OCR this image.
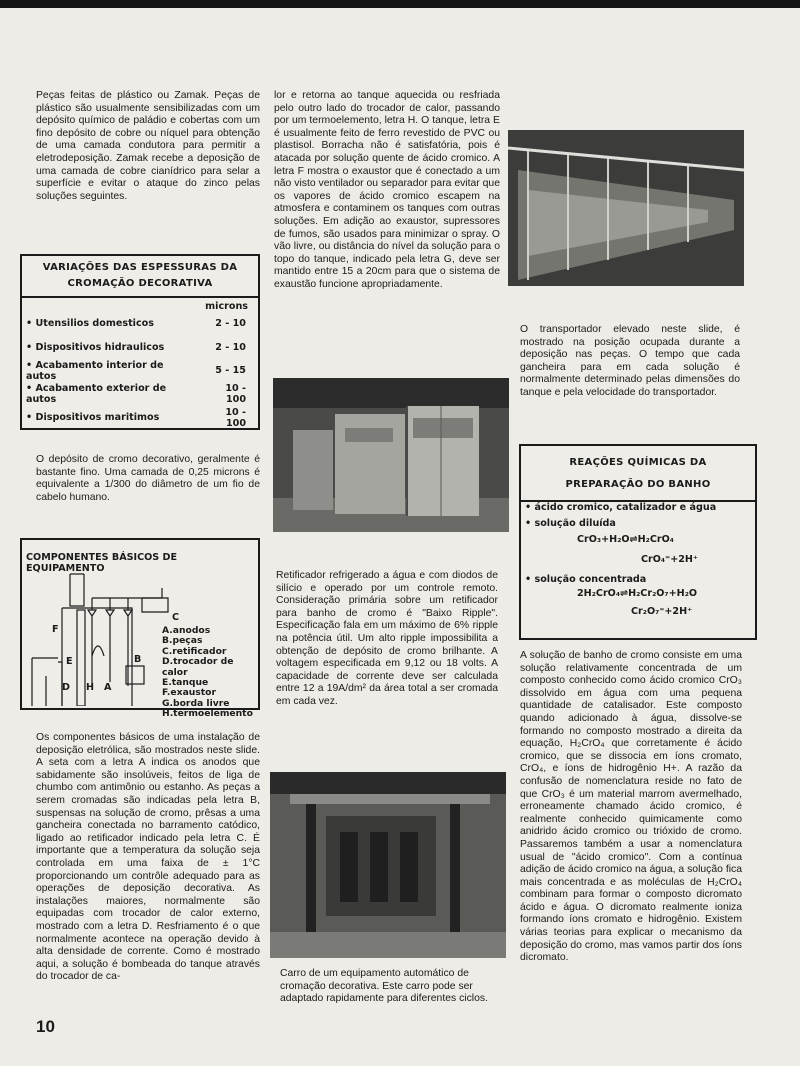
Peças feitas de plástico ou Zamak. Peças de plástico são usualmente sensibilizadas com um depósito químico de paládio e cobertas com um fino depósito de cobre ou níquel para obtenção de uma camada condutora para permitir a eletrodeposição. Zamak recebe a deposição de uma camada de cobre cianídrico para selar a superfície e evitar o ataque do zinco pelas soluções seguintes.

VARIAÇÕES DAS ESPESSURAS DA
CROMAÇÃO DECORATIVA
microns
• Utensilios domesticos	2 - 10
• Dispositivos hidraulicos	2 - 10
• Acabamento interior de autos	5 - 15
• Acabamento exterior de autos	10 - 100
• Dispositivos maritimos	10 - 100

O depósito de cromo decorativo, geralmente é bastante fino. Uma camada de 0,25 microns é equivalente a 1/300 do diâmetro de um fio de cabelo humano.

COMPONENTES BÁSICOS DE EQUIPAMENTO
F
E
D H A
B
C
A.anodos
B.peças
C.retificador
D.trocador de calor
E.tanque
F.exaustor
G.borda livre
H.termoelemento

Os componentes básicos de uma instalação de deposição eletrólica, são mostrados neste slide. A seta com a letra A indica os anodos que sabidamente são insolúveis, feitos de liga de chumbo com antimônio ou estanho. As peças a serem cromadas são indicadas pela letra B, suspensas na solução de cromo, prêsas a uma gancheira conectada no barramento catódico, ligado ao retificador indicado pela letra C. É importante que a temperatura da solução seja controlada em uma faixa de ± 1°C proporcionando um contrôle adequado para as operações de deposição decorativa. As instalações maiores, normalmente são equipadas com trocador de calor externo, mostrado com a letra D. Resfriamento é o que normalmente acontece na operação devido à alta densidade de corrente. Como é mostrado aqui, a solução é bombeada do tanque através do trocador de ca-

10

lor e retorna ao tanque aquecida ou resfriada pelo outro lado do trocador de calor, passando por um termoelemento, letra H. O tanque, letra E é usualmente feito de ferro revestido de PVC ou plastisol. Borracha não é satisfatória, pois é atacada por solução quente de ácido cromico. A letra F mostra o exaustor que é conectado a um não visto ventilador ou separador para evitar que os vapores de ácido cromico escapem na atmosfera e contaminem os tanques com outras soluções. Em adição ao exaustor, supressores de fumos, são usados para minimizar o spray. O vão livre, ou distância do nível da solução para o topo do tanque, indicado pela letra G, deve ser mantido entre 15 a 20cm para que o sistema de exaustão funcione apropriadamente.

Retificador refrigerado a água e com diodos de silício e operado por um controle remoto. Consideração primária sobre um retificador para banho de cromo é "Baixo Ripple". Especificação fala em um máximo de 6% ripple na potência útil. Um alto ripple impossibilita a obtenção de depósito de cromo brilhante. A voltagem especificada em 9,12 ou 18 volts. A capacidade de corrente deve ser calculada entre 12 a 19A/dm² da área total a ser cromada em cada vez.

Carro de um equipamento automático de cromação decorativa. Este carro pode ser adaptado rapidamente para diferentes ciclos.

O transportador elevado neste slide, é mostrado na posição ocupada durante a deposição nas peças. O tempo que cada gancheira para em cada solução é normalmente determinado pelas dimensões do tanque e pela velocidade do transportador.

REAÇÕES QUÍMICAS DA
PREPARAÇÃO DO BANHO
• ácido cromico, catalizador e água
• solução diluída
CrO₃+H₂O⇌H₂CrO₄
CrO₄⁼+2H⁺
• solução concentrada
2H₂CrO₄⇌H₂Cr₂O₇+H₂O
Cr₂O₇⁼+2H⁺

A solução de banho de cromo consiste em uma solução relativamente concentrada de um composto conhecido como ácido cromico CrO₃ dissolvido em água com uma pequena quantidade de catalisador. Este composto quando adicionado à água, dissolve-se formando no composto mostrado a direita da equação, H₂CrO₄ que corretamente é ácido cromico, que se dissocia em íons cromato, CrO₄, e íons de hidrogênio H+. A razão da confusão de nomenclatura reside no fato de que CrO₃ é um material marrom avermelhado, erroneamente chamado ácido cromico, é realmente conhecido quimicamente como anidrido ácido cromico ou trióxido de cromo. Passaremos também a usar a nomenclatura usual de "ácido cromico". Com a contínua adição de ácido cromico na água, a solução fica mais concentrada e as moléculas de H₂CrO₄ combinam para formar o composto dicromato ácido e água. O dicromato realmente ioniza formando íons cromato e hidrogênio. Existem várias teorias para explicar o mecanismo da deposição do cromo, mas vamos partir dos íons dicromato.
